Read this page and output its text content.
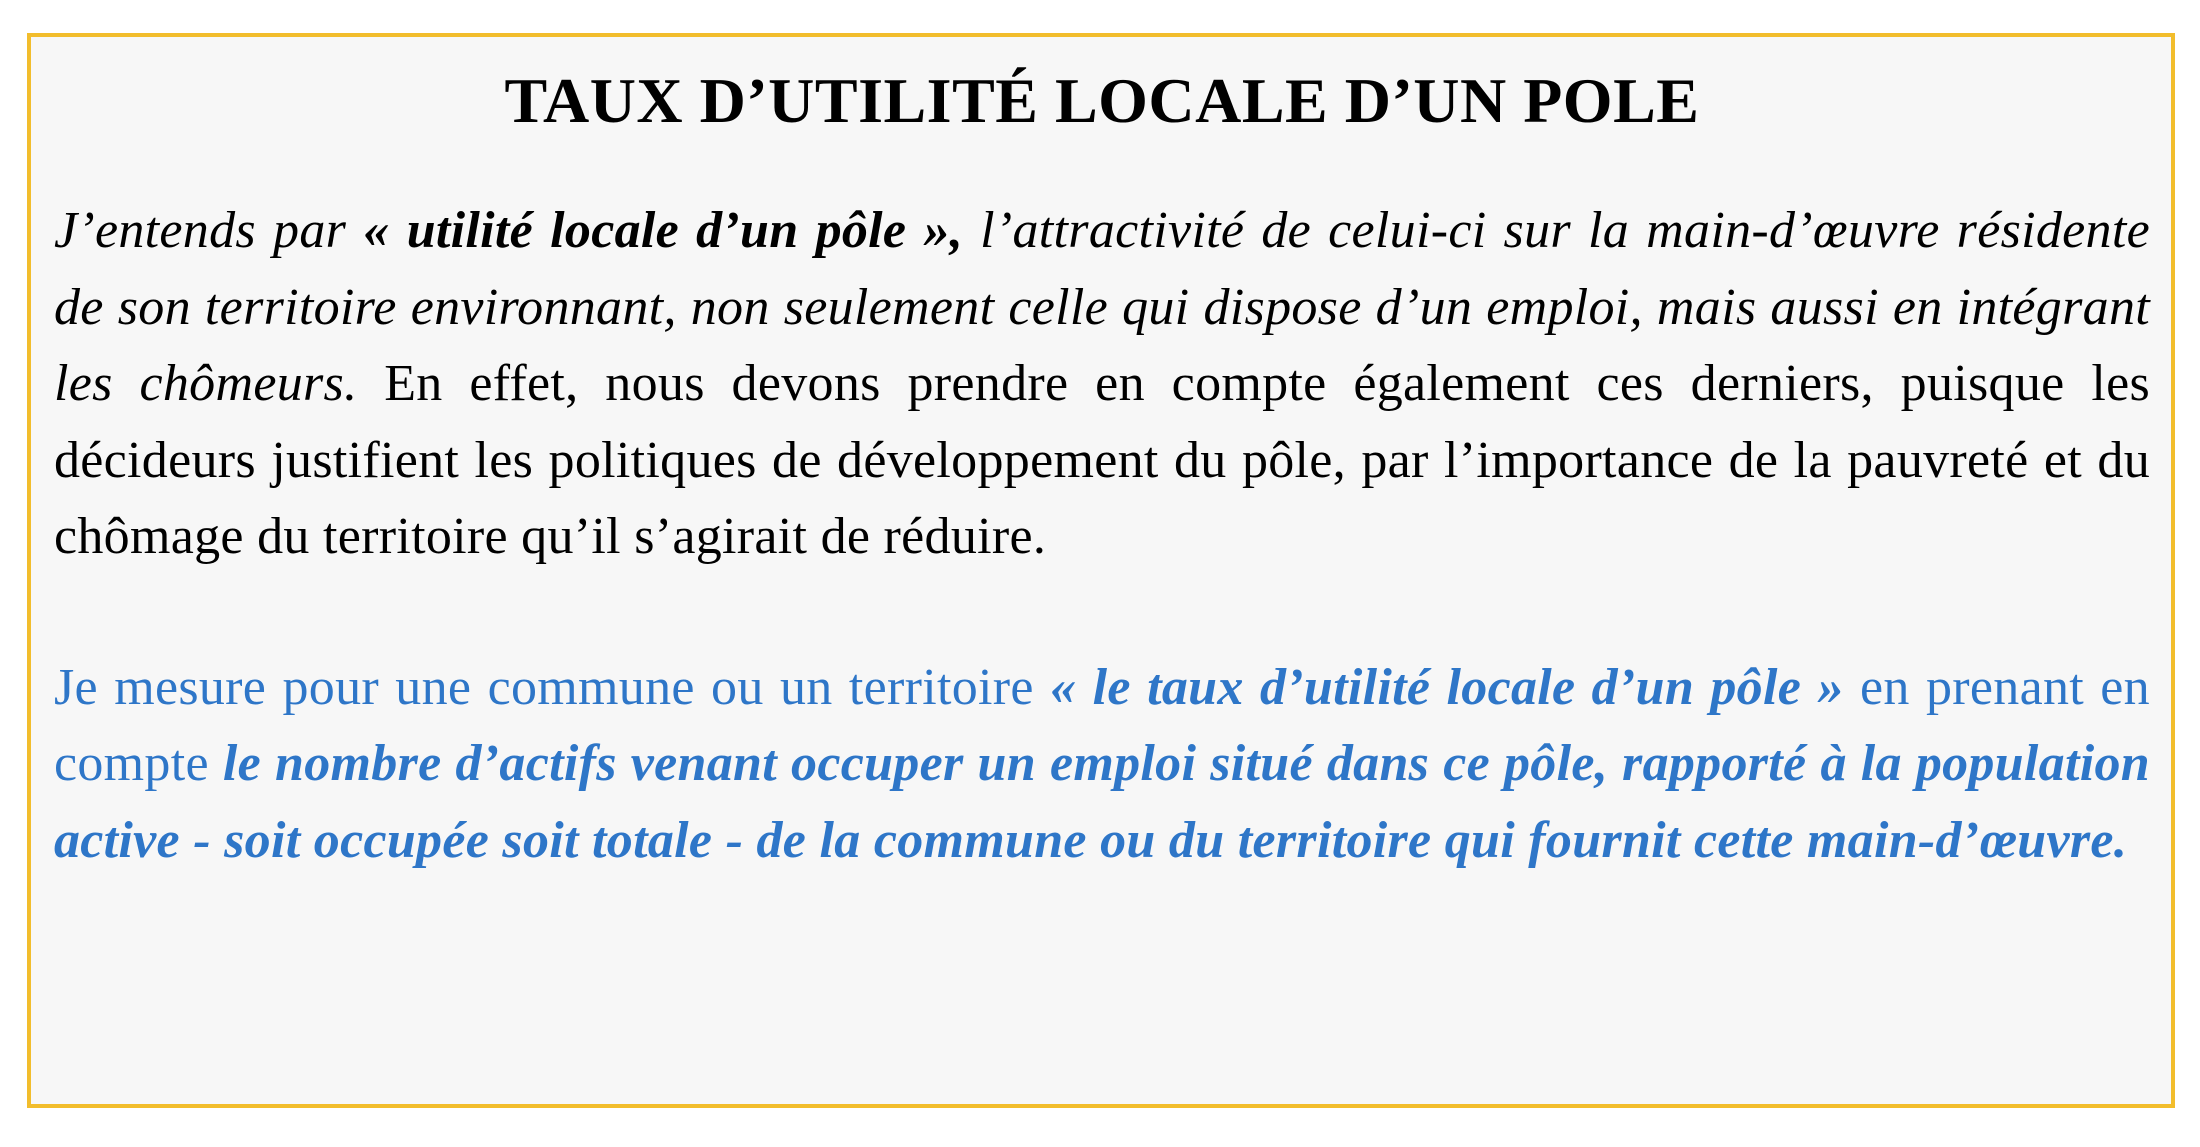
TAUX D’UTILITÉ LOCALE D’UN POLE

J’entends par « utilité locale d’un pôle », l’attractivité de celui-ci sur la main-d’œuvre résidente de son territoire environnant, non seulement celle qui dispose d’un emploi, mais aussi en intégrant les chômeurs. En effet, nous devons prendre en compte également ces derniers, puisque les décideurs justifient les politiques de développement du pôle, par l’importance de la pauvreté et du chômage du territoire qu’il s’agirait de réduire.

Je mesure pour une commune ou un territoire « le taux d’utilité locale d’un pôle » en prenant en compte le nombre d’actifs venant occuper un emploi situé dans ce pôle, rapporté à la population active - soit occupée soit totale - de la commune ou du territoire qui fournit cette main-d’œuvre.
